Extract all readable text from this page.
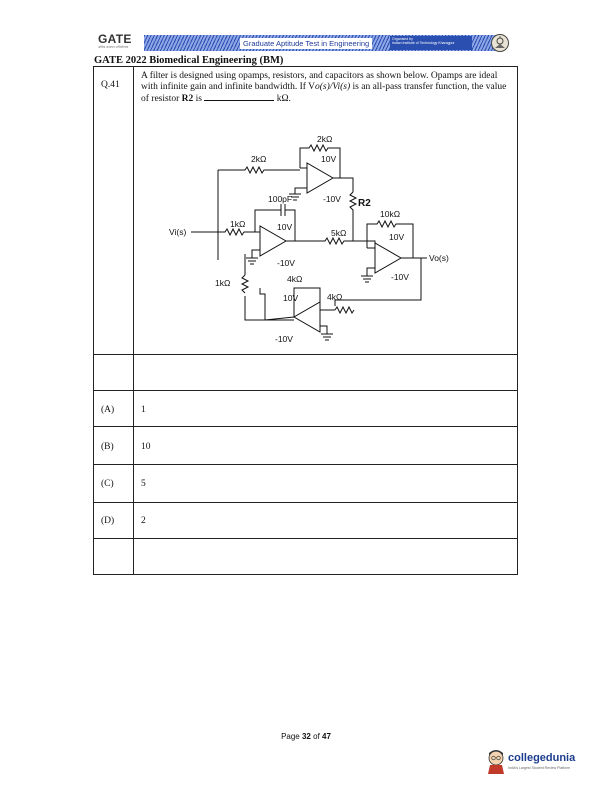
GATE
अधिक अध्ययन अभियोग्यता	Graduate Aptitude Test in Engineering	Organised by
Indian Institute of Technology Kharagpur
GATE 2022 Biomedical Engineering (BM)
Q.41
A filter is designed using opamps, resistors, and capacitors as shown below. Opamps are ideal with infinite gain and infinite bandwidth. If Vo(s)/Vi(s) is an all-pass transfer function, the value of resistor R2 is	kΩ.
2kΩ
2kΩ	10V
100pF	-10V R2
1kΩ	10V
Vi(s)
10kΩ
5kΩ	10V
Vo(s)
-10V
4kΩ
-10V
1kΩ
10V	4kΩ
-10V
(A)	1
(B)	10
(C)	5
(D)	2
Page 32 of 47
collegedunia
India's Largest Student Review Platform
